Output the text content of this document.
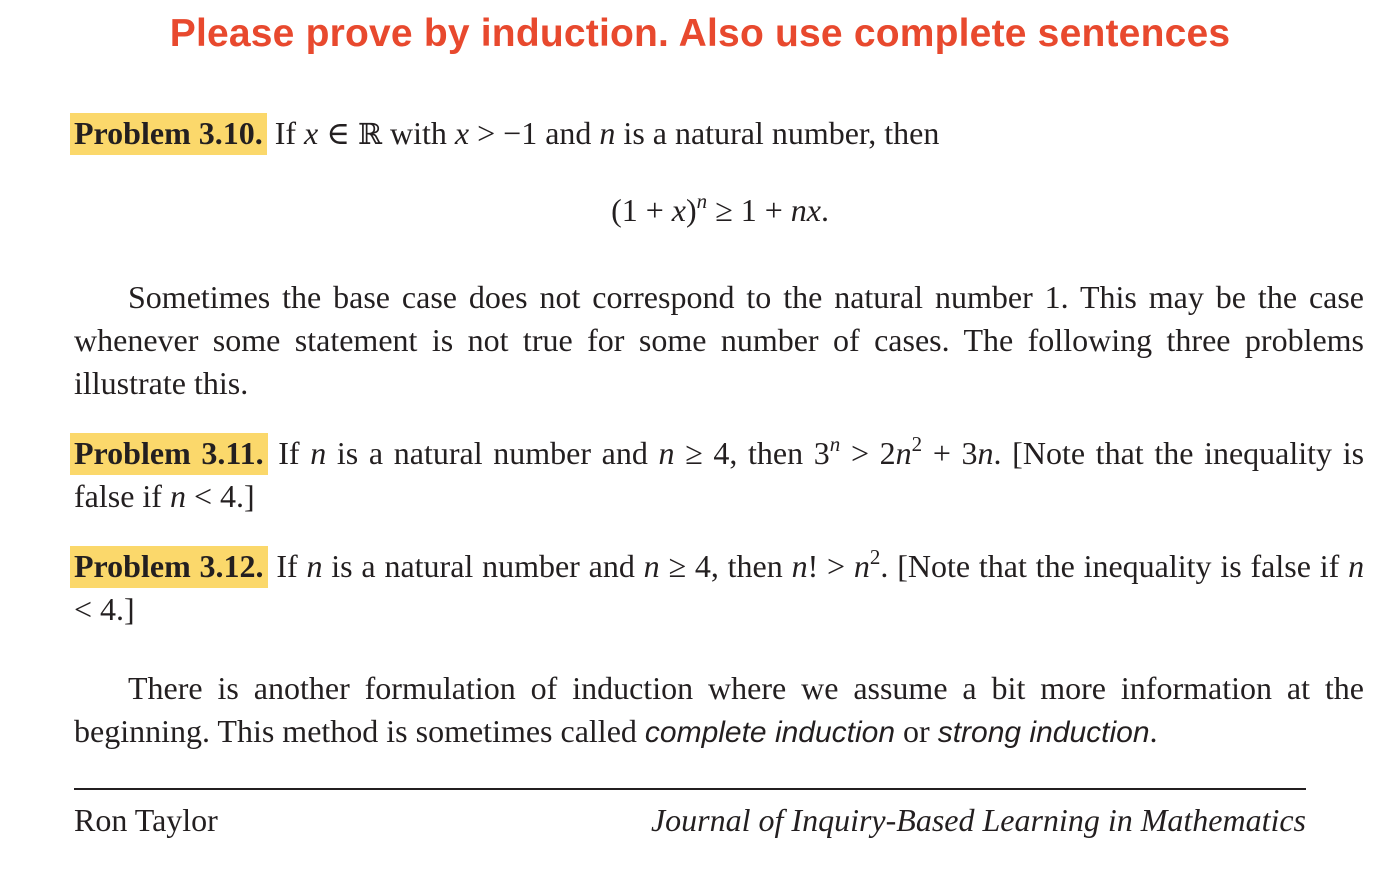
Please prove by induction. Also use complete sentences
Problem 3.10. If x ∈ ℝ with x > −1 and n is a natural number, then
$(1 + x)^n \ge 1$ + nx.
Sometimes the base case does not correspond to the natural number 1. This may be the case whenever some statement is not true for some number of cases. The following three problems illustrate this.
Problem 3.11. If n is a natural number and n ≥ 4, then $3^n > 2n^2 + 3n$. [Note that the inequality is false if n < 4.]
Problem 3.12. If n is a natural number and n ≥ 4, then n! > $n^2$. [Note that the inequality is false if n < 4.]
There is another formulation of induction where we assume a bit more information at the beginning. This method is sometimes called complete induction or strong induction.
Ron Taylor	Journal of Inquiry-Based Learning in Mathematics
